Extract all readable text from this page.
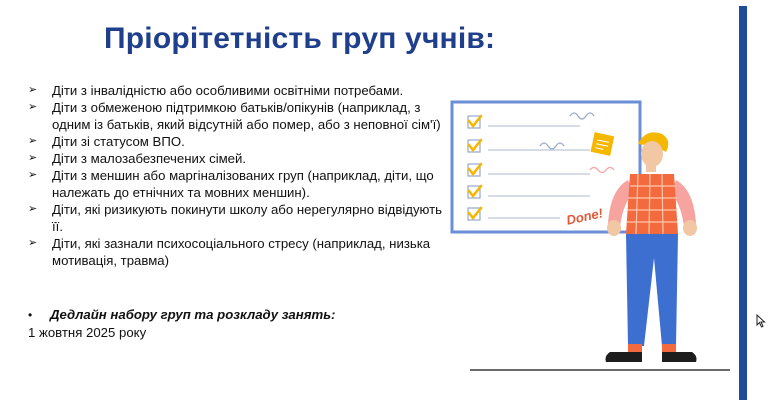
Пріорітетність груп учнів:
➢	Діти з інвалідністю або особливими освітніми потребами.
➢	Діти з обмеженою підтримкою батьків/опікунів (наприклад, з одним із батьків, який відсутній або помер, або з неповної сім'ї)
➢	Діти зі статусом ВПО.
➢	Діти з малозабезпечених сімей.
➢	Діти з меншин або маргіналізованих груп (наприклад, діти, що належать до етнічних та мовних меншин).
➢	Діти, які ризикують покинути школу або нерегулярно відвідують її.
➢	Діти, які зазнали психосоціального стресу (наприклад, низька мотивація, травма)
• Дедлайн набору груп та розкладу занять:
1 жовтня 2025 року
Done!
